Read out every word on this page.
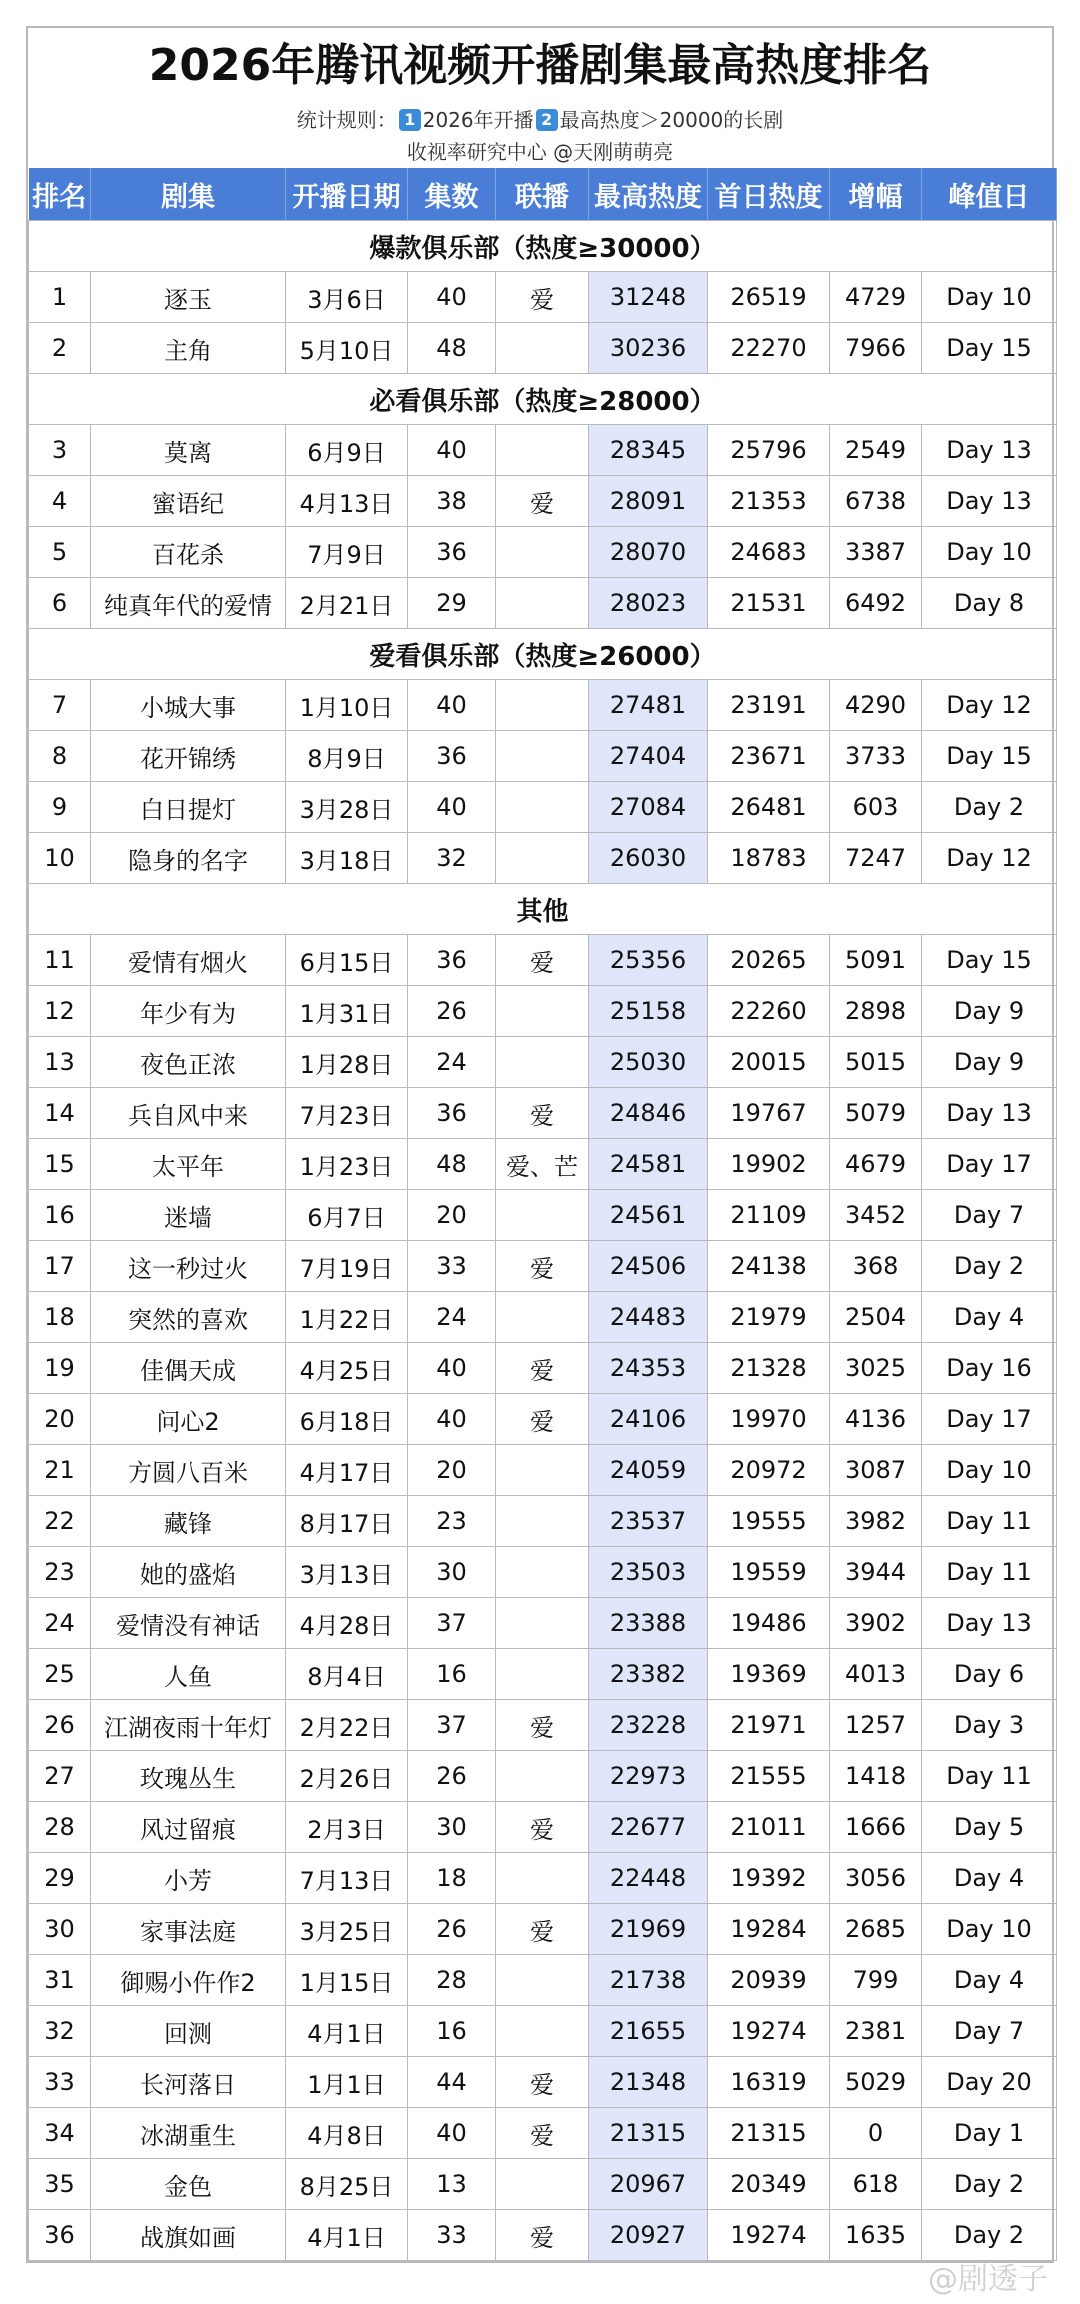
2026年腾讯视频开播剧集最高热度排名
统计规则： 1 2026年开播 2 最高热度＞20000的长剧
收视率研究中心 @天刚萌萌亮
排名	剧集	开播日期	集数	联播	最高热度	首日热度	增幅	峰值日
爆款俱乐部（热度≥30000）								
1	逐玉	3月6日	40	爱	31248	26519	4729	Day 10
2	主角	5月10日	48		30236	22270	7966	Day 15
必看俱乐部（热度≥28000）								
3	莫离	6月9日	40		28345	25796	2549	Day 13
4	蜜语纪	4月13日	38	爱	28091	21353	6738	Day 13
5	百花杀	7月9日	36		28070	24683	3387	Day 10
6	纯真年代的爱情	2月21日	29		28023	21531	6492	Day 8
爱看俱乐部（热度≥26000）								
7	小城大事	1月10日	40		27481	23191	4290	Day 12
8	花开锦绣	8月9日	36		27404	23671	3733	Day 15
9	白日提灯	3月28日	40		27084	26481	603	Day 2
10	隐身的名字	3月18日	32		26030	18783	7247	Day 12
其他								
11	爱情有烟火	6月15日	36	爱	25356	20265	5091	Day 15
12	年少有为	1月31日	26		25158	22260	2898	Day 9
13	夜色正浓	1月28日	24		25030	20015	5015	Day 9
14	兵自风中来	7月23日	36	爱	24846	19767	5079	Day 13
15	太平年	1月23日	48	爱、芒	24581	19902	4679	Day 17
16	迷墙	6月7日	20		24561	21109	3452	Day 7
17	这一秒过火	7月19日	33	爱	24506	24138	368	Day 2
18	突然的喜欢	1月22日	24		24483	21979	2504	Day 4
19	佳偶天成	4月25日	40	爱	24353	21328	3025	Day 16
20	问心2	6月18日	40	爱	24106	19970	4136	Day 17
21	方圆八百米	4月17日	20		24059	20972	3087	Day 10
22	藏锋	8月17日	23		23537	19555	3982	Day 11
23	她的盛焰	3月13日	30		23503	19559	3944	Day 11
24	爱情没有神话	4月28日	37		23388	19486	3902	Day 13
25	人鱼	8月4日	16		23382	19369	4013	Day 6
26	江湖夜雨十年灯	2月22日	37	爱	23228	21971	1257	Day 3
27	玫瑰丛生	2月26日	26		22973	21555	1418	Day 11
28	风过留痕	2月3日	30	爱	22677	21011	1666	Day 5
29	小芳	7月13日	18		22448	19392	3056	Day 4
30	家事法庭	3月25日	26	爱	21969	19284	2685	Day 10
31	御赐小仵作2	1月15日	28		21738	20939	799	Day 4
32	回测	4月1日	16		21655	19274	2381	Day 7
33	长河落日	1月1日	44	爱	21348	16319	5029	Day 20
34	冰湖重生	4月8日	40	爱	21315	21315	0	Day 1
35	金色	8月25日	13		20967	20349	618	Day 2
36	战旗如画	4月1日	33	爱	20927	19274	1635	Day 2
@剧透子
